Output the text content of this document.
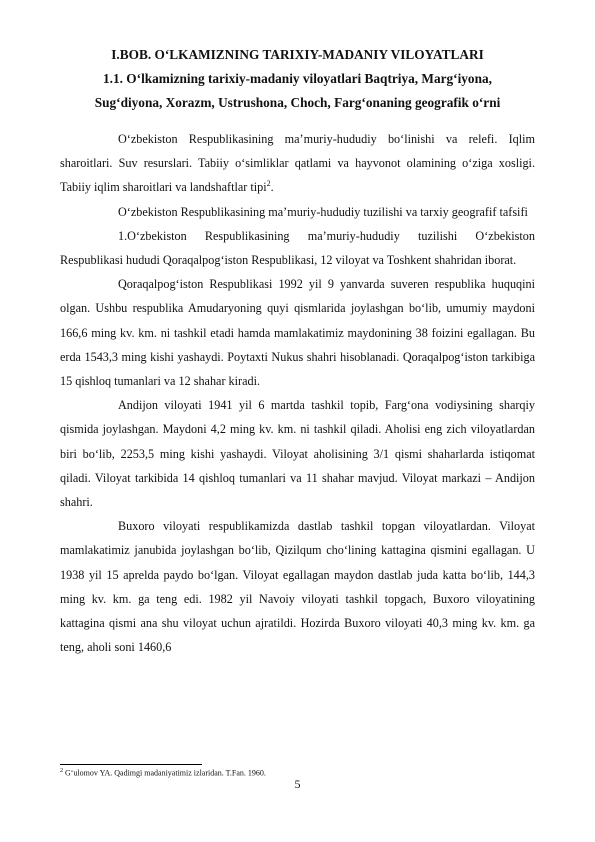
I.BOB. O‘LKAMIZNING TARIXIY-MADANIY VILOYATLARI
1.1. O‘lkamizning tarixiy-madaniy viloyatlari Baqtriya, Marg‘iyona,
Sug‘diyona, Xorazm, Ustrushona, Choch, Farg‘onaning geografik o‘rni

O‘zbekiston Respublikasining ma’muriy-hududiy bo‘linishi va relefi. Iqlim sharoitlari. Suv resurslari. Tabiiy o‘simliklar qatlami va hayvonot olamining o‘ziga xosligi. Tabiiy iqlim sharoitlari va landshaftlar tipi$^2$.

O‘zbekiston Respublikasining ma’muriy-hududiy tuzilishi va tarxiy geografif tafsifi

1.O‘zbekiston Respublikasining ma’muriy-hududiy tuzilishi O‘zbekiston Respublikasi hududi Qoraqalpog‘iston Respublikasi, 12 viloyat va Toshkent shahridan iborat.

Qoraqalpog‘iston Respublikasi 1992 yil 9 yanvarda suveren respublika huquqini olgan. Ushbu respublika Amudaryoning quyi qismlarida joylashgan bo‘lib, umumiy maydoni 166,6 ming kv. km. ni tashkil etadi hamda mamlakatimiz maydonining 38 foizini egallagan. Bu erda 1543,3 ming kishi yashaydi. Poytaxti Nukus shahri hisoblanadi. Qoraqalpog‘iston tarkibiga 15 qishloq tumanlari va 12 shahar kiradi.

Andijon viloyati 1941 yil 6 martda tashkil topib, Farg‘ona vodiysining sharqiy qismida joylashgan. Maydoni 4,2 ming kv. km. ni tashkil qiladi. Aholisi eng zich viloyatlardan biri bo‘lib, 2253,5 ming kishi yashaydi. Viloyat aholisining 3/1 qismi shaharlarda istiqomat qiladi. Viloyat tarkibida 14 qishloq tumanlari va 11 shahar mavjud. Viloyat markazi – Andijon shahri.

Buxoro viloyati respublikamizda dastlab tashkil topgan viloyatlardan. Viloyat mamlakatimiz janubida joylashgan bo‘lib, Qizilqum cho‘lining kattagina qismini egallagan. U 1938 yil 15 aprelda paydo bo‘lgan. Viloyat egallagan maydon dastlab juda katta bo‘lib, 144,3 ming kv. km. ga teng edi. 1982 yil Navoiy viloyati tashkil topgach, Buxoro viloyatining kattagina qismi ana shu viloyat uchun ajratildi. Hozirda Buxoro viloyati 40,3 ming kv. km. ga teng, aholi soni 1460,6

$^2$ G‘ulomov YA. Qadimgi madaniyatimiz izlaridan. T.Fan. 1960.
5
